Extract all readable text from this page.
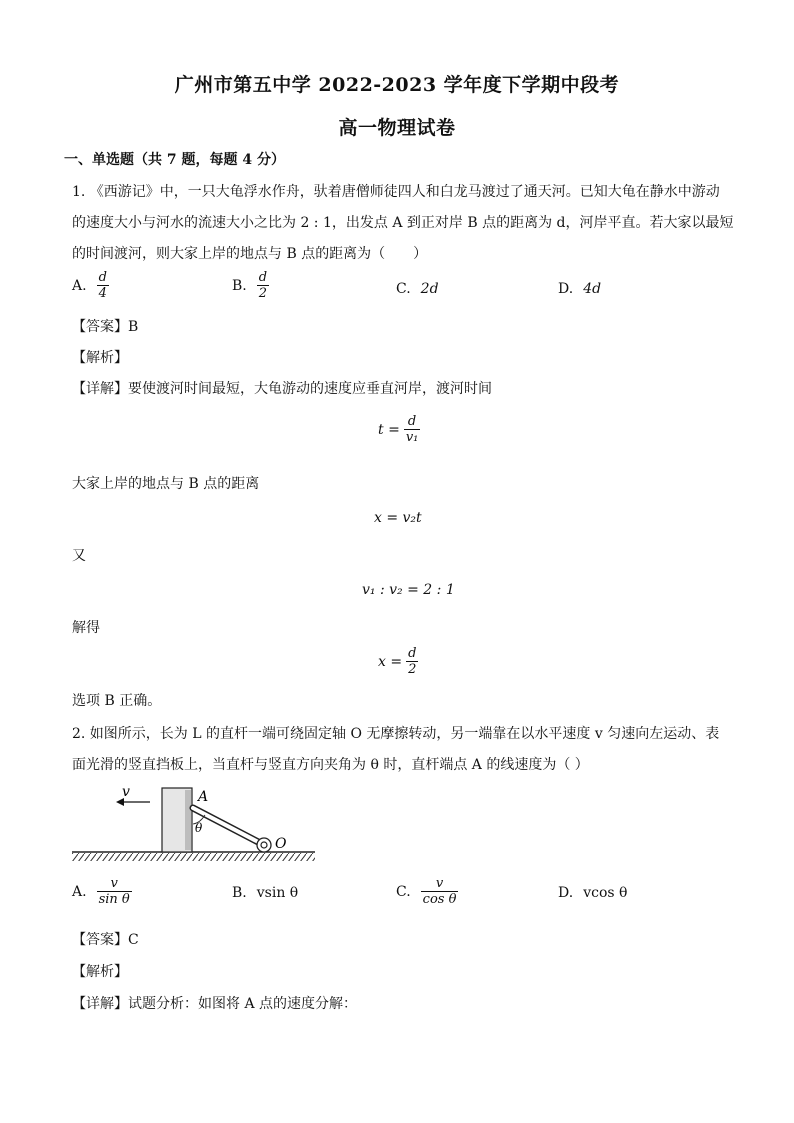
广州市第五中学 2022-2023 学年度下学期中段考
高一物理试卷
一、单选题（共 7 题，每题 4 分）
1. 《西游记》中，一只大龟浮水作舟，驮着唐僧师徒四人和白龙马渡过了通天河。已知大龟在静水中游动
的速度大小与河水的流速大小之比为 2 : 1，出发点 A 到正对岸 B 点的距离为 d，河岸平直。若大家以最短
的时间渡河，则大家上岸的地点与 B 点的距离为（　　）
A. $\frac{d}{4}$	B. $\frac{d}{2}$	C. 2d	D. 4d
【答案】B
【解析】
【详解】要使渡河时间最短，大龟游动的速度应垂直河岸，渡河时间
$t = \frac{d}{\text{v₁}}$
大家上岸的地点与 B 点的距离
x = v₂t
又
v₁ : v₂ = 2 : 1
解得
$x = \frac{d}{2}$
选项 B 正确。
2. 如图所示，长为 L 的直杆一端可绕固定轴 O 无摩擦转动，另一端靠在以水平速度 v 匀速向左运动、表
面光滑的竖直挡板上，当直杆与竖直方向夹角为 θ 时，直杆端点 A 的线速度为（ ）
v	A
θ
O
A. $\frac{v}{\text{sin θ}}$	B. vsin θ	C. $\frac{v}{\text{cos θ}}$	D. vcos θ
【答案】C
【解析】
【详解】试题分析：如图将 A 点的速度分解：
